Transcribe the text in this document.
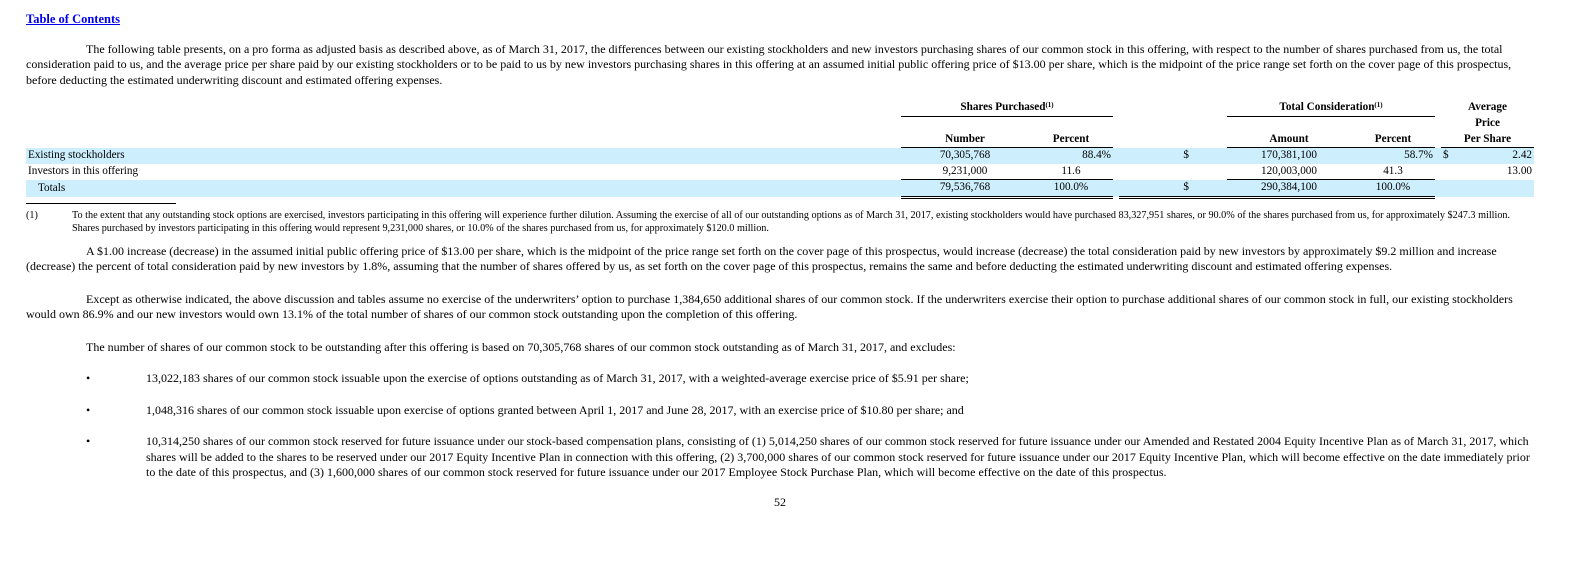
Table of Contents

The following table presents, on a pro forma as adjusted basis as described above, as of March 31, 2017, the differences between our existing stockholders and new investors purchasing shares of our common stock in this offering, with respect to the number of shares purchased from us, the total consideration paid to us, and the average price per share paid by our existing stockholders or to be paid to us by new investors purchasing shares in this offering at an assumed initial public offering price of $13.00 per share, which is the midpoint of the price range set forth on the cover page of this prospectus, before deducting the estimated underwriting discount and estimated offering expenses.

	Shares Purchased$^{(1)}$						Total Consideration$^{(1)}$			Average	
										Price	
	Number	Percent					Amount	Percent		Per Share	
Existing stockholders	70,305,768	88.4%		$			170,381,100	58.7%		$	2.42
Investors in this offering	9,231,000	11.6					120,003,000	41.3			13.00
Totals	79,536,768	100.0%		$			290,384,100	100.0%			
(1)	To the extent that any outstanding stock options are exercised, investors participating in this offering will experience further dilution. Assuming the exercise of all of our outstanding options as of March 31, 2017, existing stockholders would have purchased 83,327,951 shares, or 90.0% of the shares purchased from us, for approximately $247.3 million. Shares purchased by investors participating in this offering would represent 9,231,000 shares, or 10.0% of the shares purchased from us, for approximately $120.0 million.

A $1.00 increase (decrease) in the assumed initial public offering price of $13.00 per share, which is the midpoint of the price range set forth on the cover page of this prospectus, would increase (decrease) the total consideration paid by new investors by approximately $9.2 million and increase (decrease) the percent of total consideration paid by new investors by 1.8%, assuming that the number of shares offered by us, as set forth on the cover page of this prospectus, remains the same and before deducting the estimated underwriting discount and estimated offering expenses.

Except as otherwise indicated, the above discussion and tables assume no exercise of the underwriters’ option to purchase 1,384,650 additional shares of our common stock. If the underwriters exercise their option to purchase additional shares of our common stock in full, our existing stockholders would own 86.9% and our new investors would own 13.1% of the total number of shares of our common stock outstanding upon the completion of this offering.

The number of shares of our common stock to be outstanding after this offering is based on 70,305,768 shares of our common stock outstanding as of March 31, 2017, and excludes:

•	13,022,183 shares of our common stock issuable upon the exercise of options outstanding as of March 31, 2017, with a weighted-average exercise price of $5.91 per share;
•	1,048,316 shares of our common stock issuable upon exercise of options granted between April 1, 2017 and June 28, 2017, with an exercise price of $10.80 per share; and
•	10,314,250 shares of our common stock reserved for future issuance under our stock-based compensation plans, consisting of (1) 5,014,250 shares of our common stock reserved for future issuance under our Amended and Restated 2004 Equity Incentive Plan as of March 31, 2017, which shares will be added to the shares to be reserved under our 2017 Equity Incentive Plan in connection with this offering, (2) 3,700,000 shares of our common stock reserved for future issuance under our 2017 Equity Incentive Plan, which will become effective on the date immediately prior to the date of this prospectus, and (3) 1,600,000 shares of our common stock reserved for future issuance under our 2017 Employee Stock Purchase Plan, which will become effective on the date of this prospectus.
52
